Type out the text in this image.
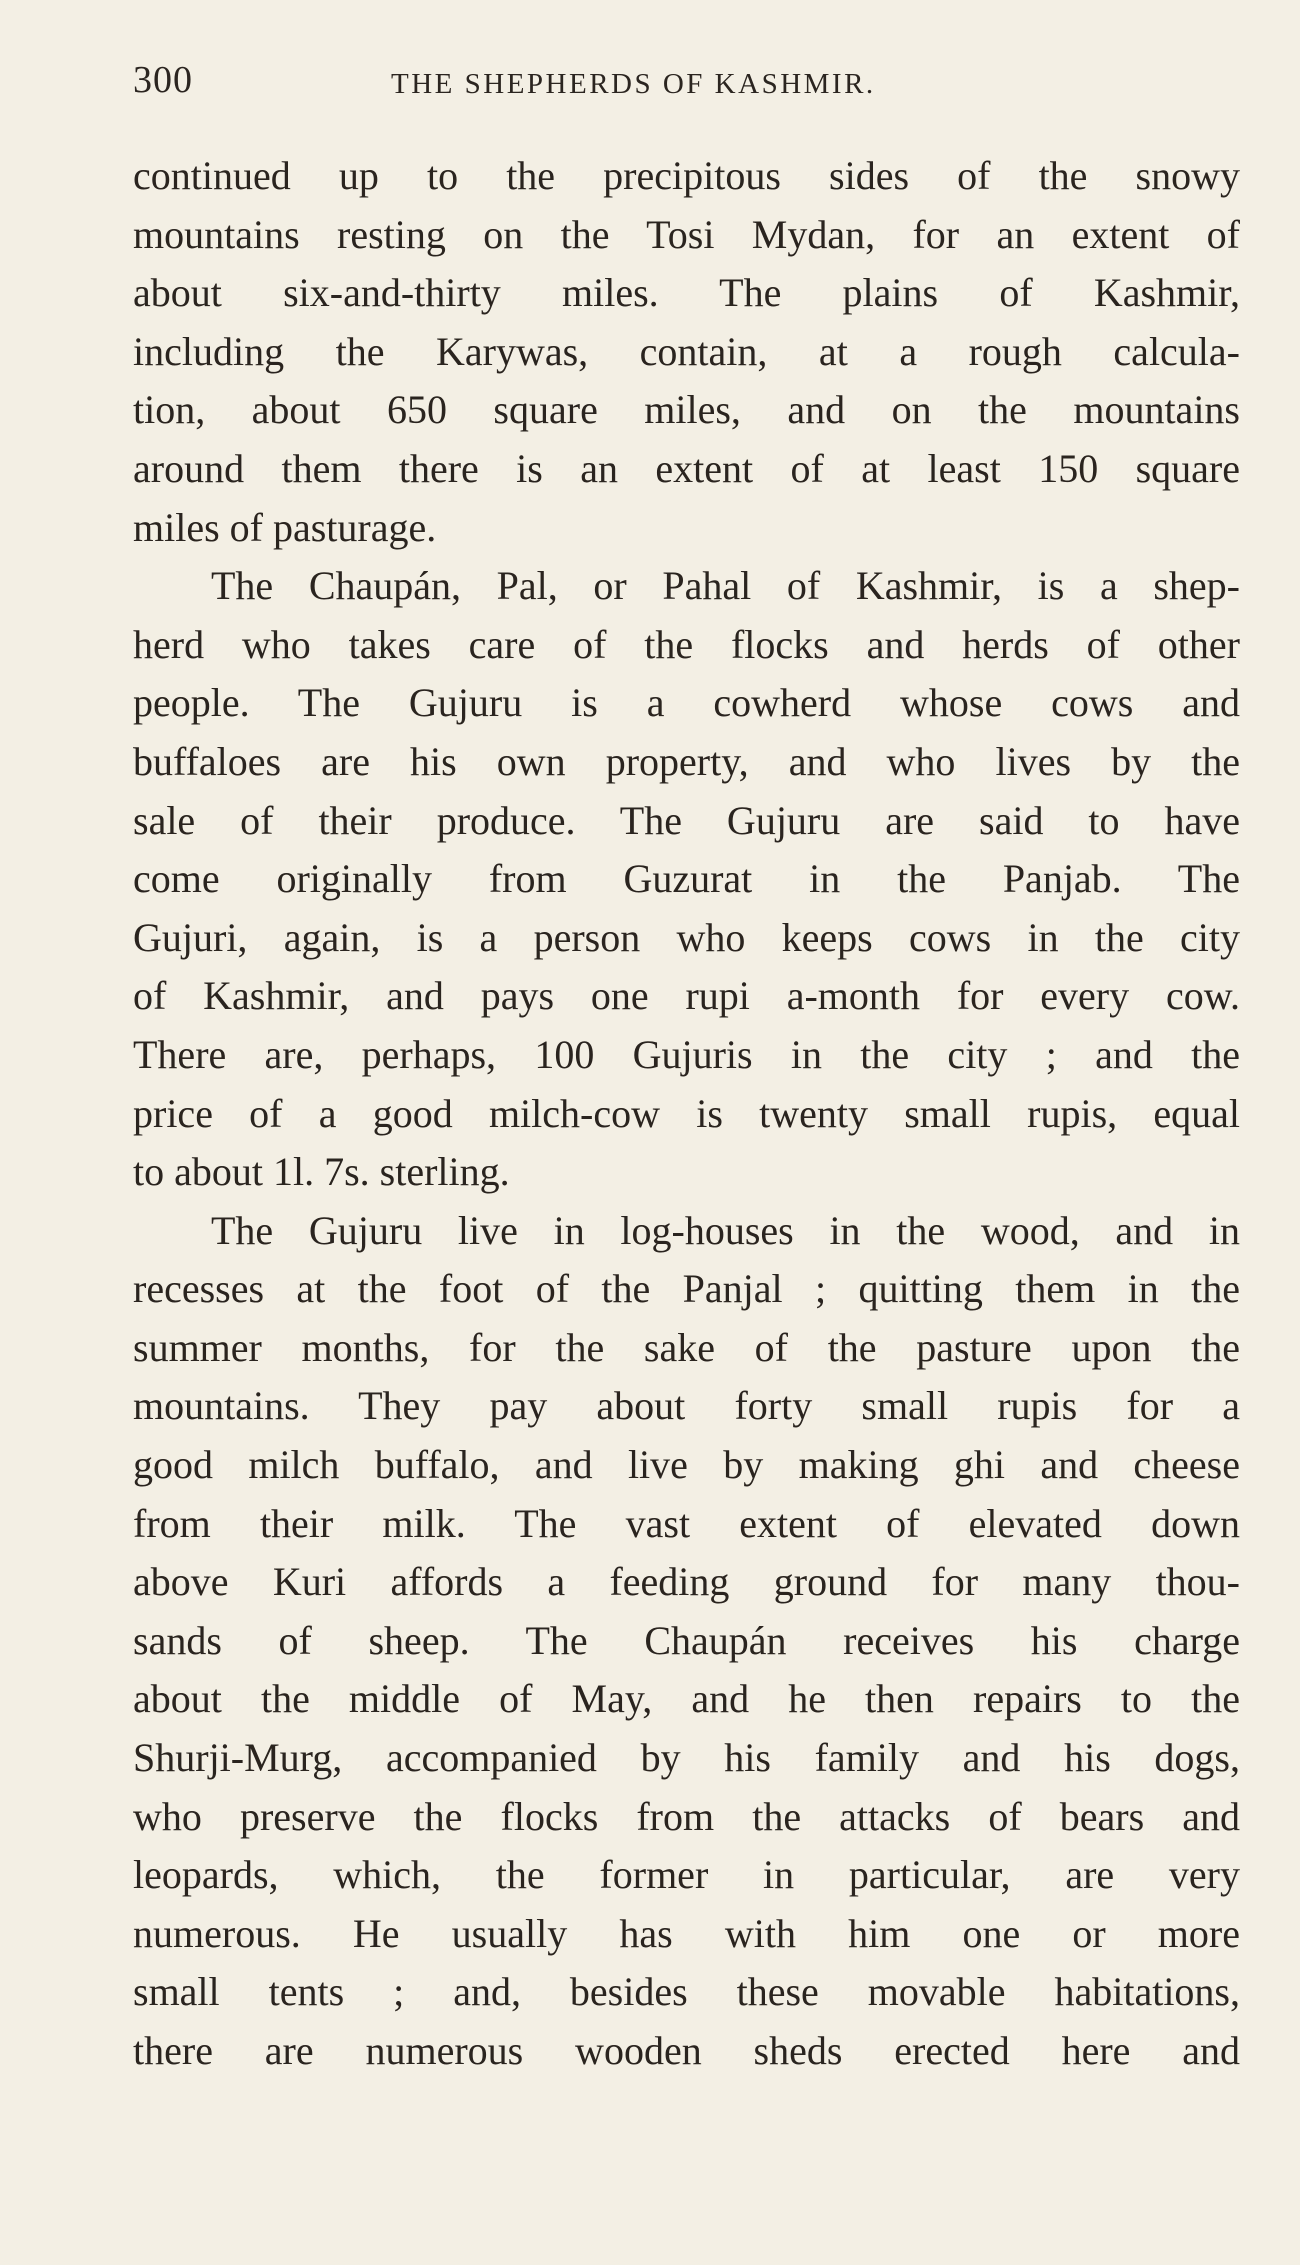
300	THE SHEPHERDS OF KASHMIR.
continued up to the precipitous sides of the snowy
mountains resting on the Tosi Mydan, for an extent of
about six-and-thirty miles. The plains of Kashmir,
including the Karywas, contain, at a rough calcula-
tion, about 650 square miles, and on the mountains
around them there is an extent of at least 150 square
miles of pasturage.
The Chaupán, Pal, or Pahal of Kashmir, is a shep-
herd who takes care of the flocks and herds of other
people. The Gujuru is a cowherd whose cows and
buffaloes are his own property, and who lives by the
sale of their produce. The Gujuru are said to have
come originally from Guzurat in the Panjab. The
Gujuri, again, is a person who keeps cows in the city
of Kashmir, and pays one rupi a-month for every cow.
There are, perhaps, 100 Gujuris in the city ; and the
price of a good milch-cow is twenty small rupis, equal
to about 1l. 7s. sterling.
The Gujuru live in log-houses in the wood, and in
recesses at the foot of the Panjal ; quitting them in the
summer months, for the sake of the pasture upon the
mountains. They pay about forty small rupis for a
good milch buffalo, and live by making ghi and cheese
from their milk. The vast extent of elevated down
above Kuri affords a feeding ground for many thou-
sands of sheep. The Chaupán receives his charge
about the middle of May, and he then repairs to the
Shurji-Murg, accompanied by his family and his dogs,
who preserve the flocks from the attacks of bears and
leopards, which, the former in particular, are very
numerous. He usually has with him one or more
small tents ; and, besides these movable habitations,
there are numerous wooden sheds erected here and
